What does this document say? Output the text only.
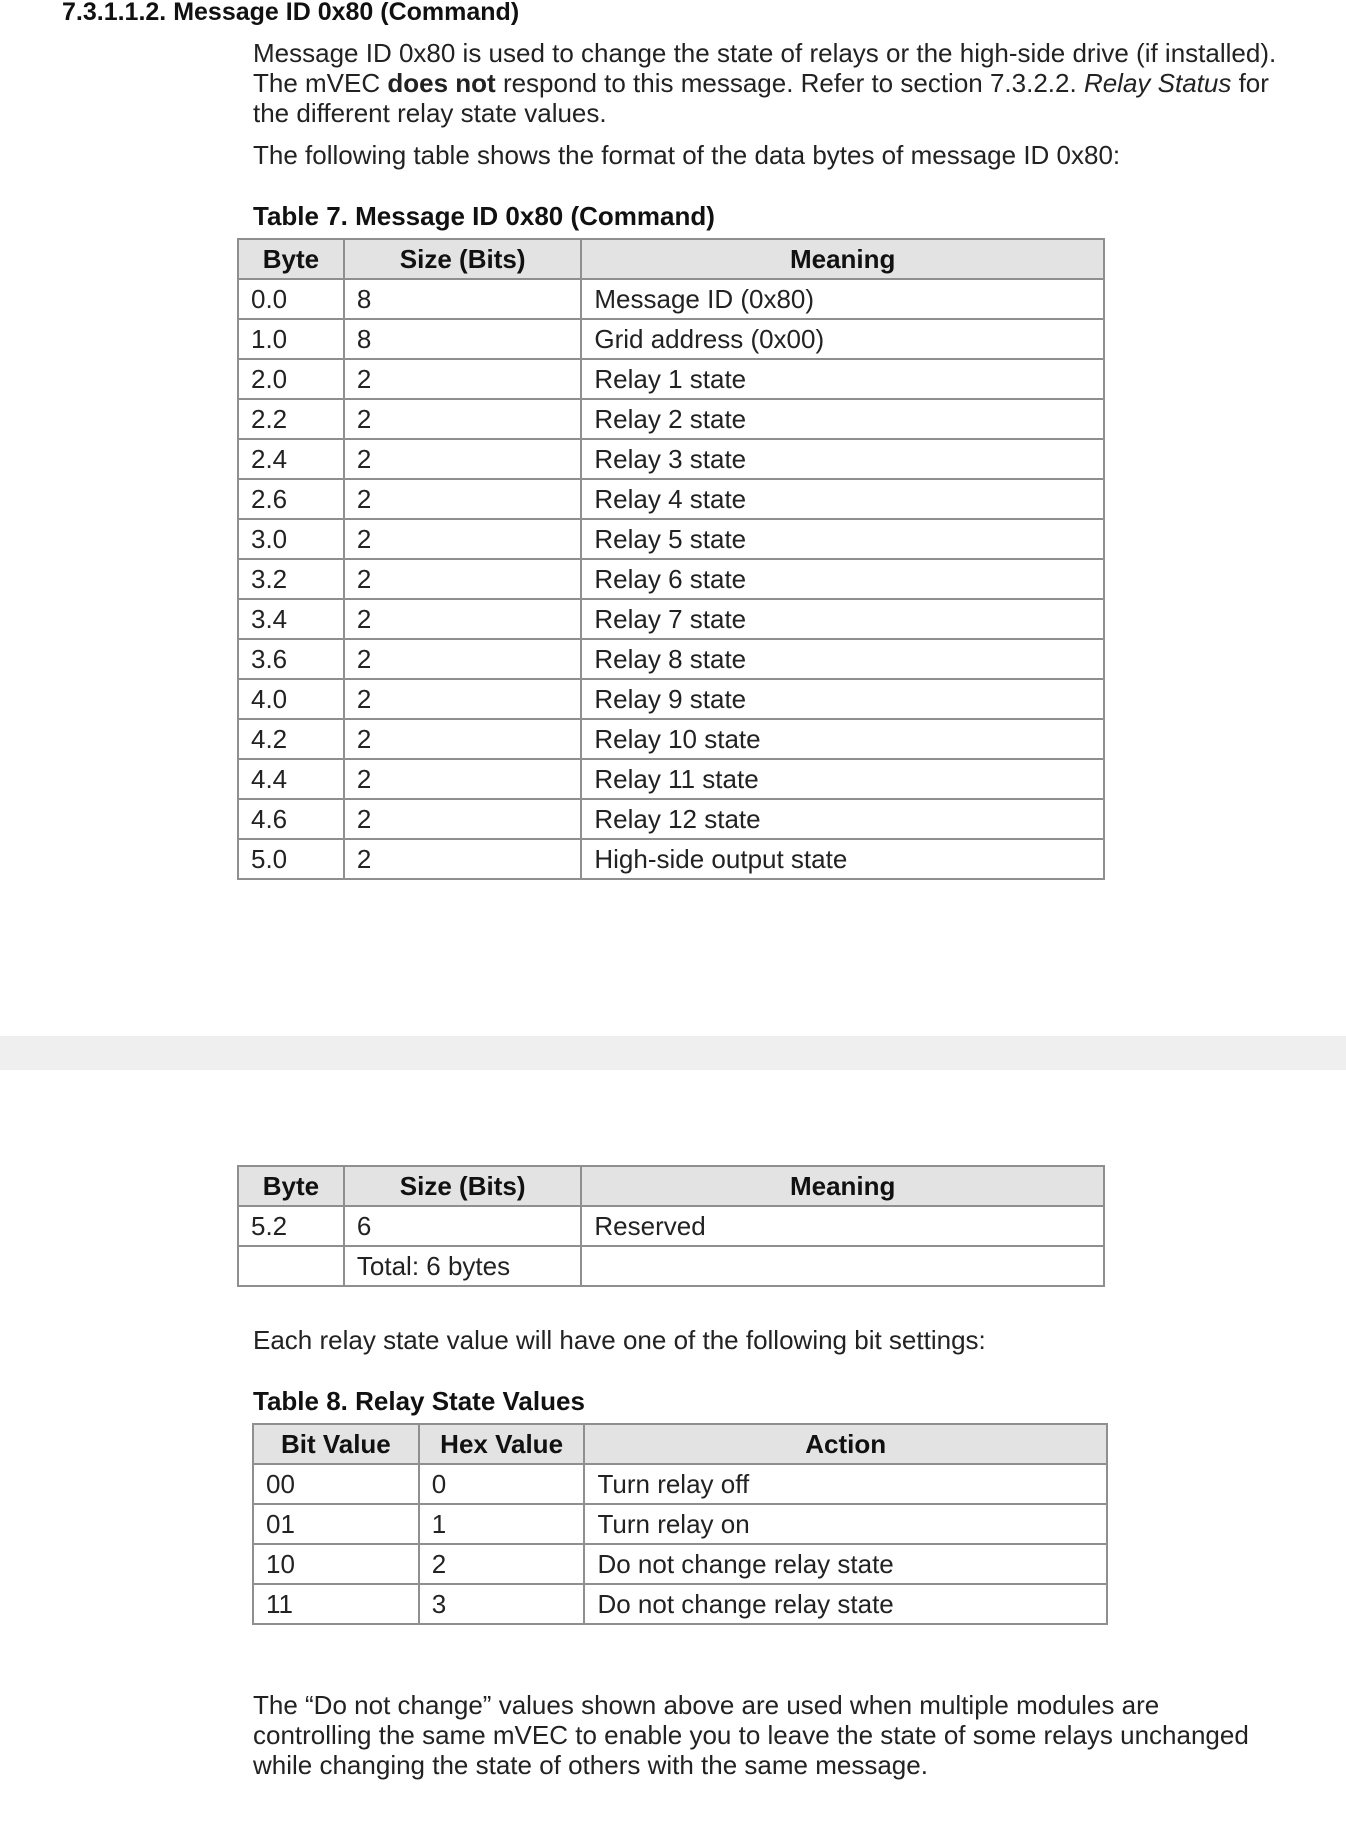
7.3.1.1.2. Message ID 0x80 (Command)
Message ID 0x80 is used to change the state of relays or the high-side drive (if installed).
The mVEC does not respond to this message. Refer to section 7.3.2.2. Relay Status for
the different relay state values.
The following table shows the format of the data bytes of message ID 0x80:
Table 7. Message ID 0x80 (Command)
Byte	Size (Bits)	Meaning
0.0	8	Message ID (0x80)
1.0	8	Grid address (0x00)
2.0	2	Relay 1 state
2.2	2	Relay 2 state
2.4	2	Relay 3 state
2.6	2	Relay 4 state
3.0	2	Relay 5 state
3.2	2	Relay 6 state
3.4	2	Relay 7 state
3.6	2	Relay 8 state
4.0	2	Relay 9 state
4.2	2	Relay 10 state
4.4	2	Relay 11 state
4.6	2	Relay 12 state
5.0	2	High-side output state
Byte	Size (Bits)	Meaning
5.2	6	Reserved
	Total: 6 bytes	
Each relay state value will have one of the following bit settings:
Table 8. Relay State Values
Bit Value	Hex Value	Action
00	0	Turn relay off
01	1	Turn relay on
10	2	Do not change relay state
11	3	Do not change relay state
The “Do not change” values shown above are used when multiple modules are
controlling the same mVEC to enable you to leave the state of some relays unchanged
while changing the state of others with the same message.
